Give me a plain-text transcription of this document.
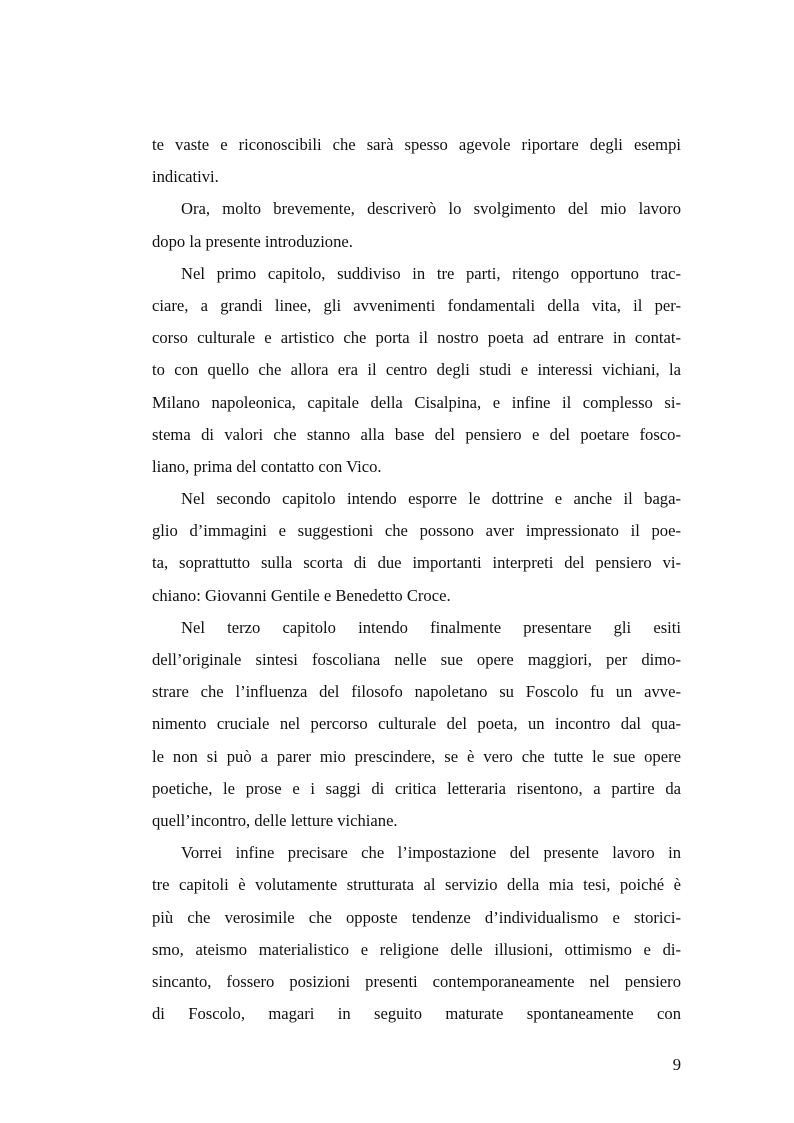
te vaste e riconoscibili che sarà spesso agevole riportare degli esempi
indicativi.
Ora, molto brevemente, descriverò lo svolgimento del mio lavoro
dopo la presente introduzione.
Nel primo capitolo, suddiviso in tre parti, ritengo opportuno trac-
ciare, a grandi linee, gli avvenimenti fondamentali della vita, il per-
corso culturale e artistico che porta il nostro poeta ad entrare in contat-
to con quello che allora era il centro degli studi e interessi vichiani, la
Milano napoleonica, capitale della Cisalpina, e infine il complesso si-
stema di valori che stanno alla base del pensiero e del poetare fosco-
liano, prima del contatto con Vico.
Nel secondo capitolo intendo esporre le dottrine e anche il baga-
glio d’immagini e suggestioni che possono aver impressionato il poe-
ta, soprattutto sulla scorta di due importanti interpreti del pensiero vi-
chiano: Giovanni Gentile e Benedetto Croce.
Nel terzo capitolo intendo finalmente presentare gli esiti
dell’originale sintesi foscoliana nelle sue opere maggiori, per dimo-
strare che l’influenza del filosofo napoletano su Foscolo fu un avve-
nimento cruciale nel percorso culturale del poeta, un incontro dal qua-
le non si può a parer mio prescindere, se è vero che tutte le sue opere
poetiche, le prose e i saggi di critica letteraria risentono, a partire da
quell’incontro, delle letture vichiane.
Vorrei infine precisare che l’impostazione del presente lavoro in
tre capitoli è volutamente strutturata al servizio della mia tesi, poiché è
più che verosimile che opposte tendenze d’individualismo e storici-
smo, ateismo materialistico e religione delle illusioni, ottimismo e di-
sincanto, fossero posizioni presenti contemporaneamente nel pensiero
di Foscolo, magari in seguito maturate spontaneamente con
9
